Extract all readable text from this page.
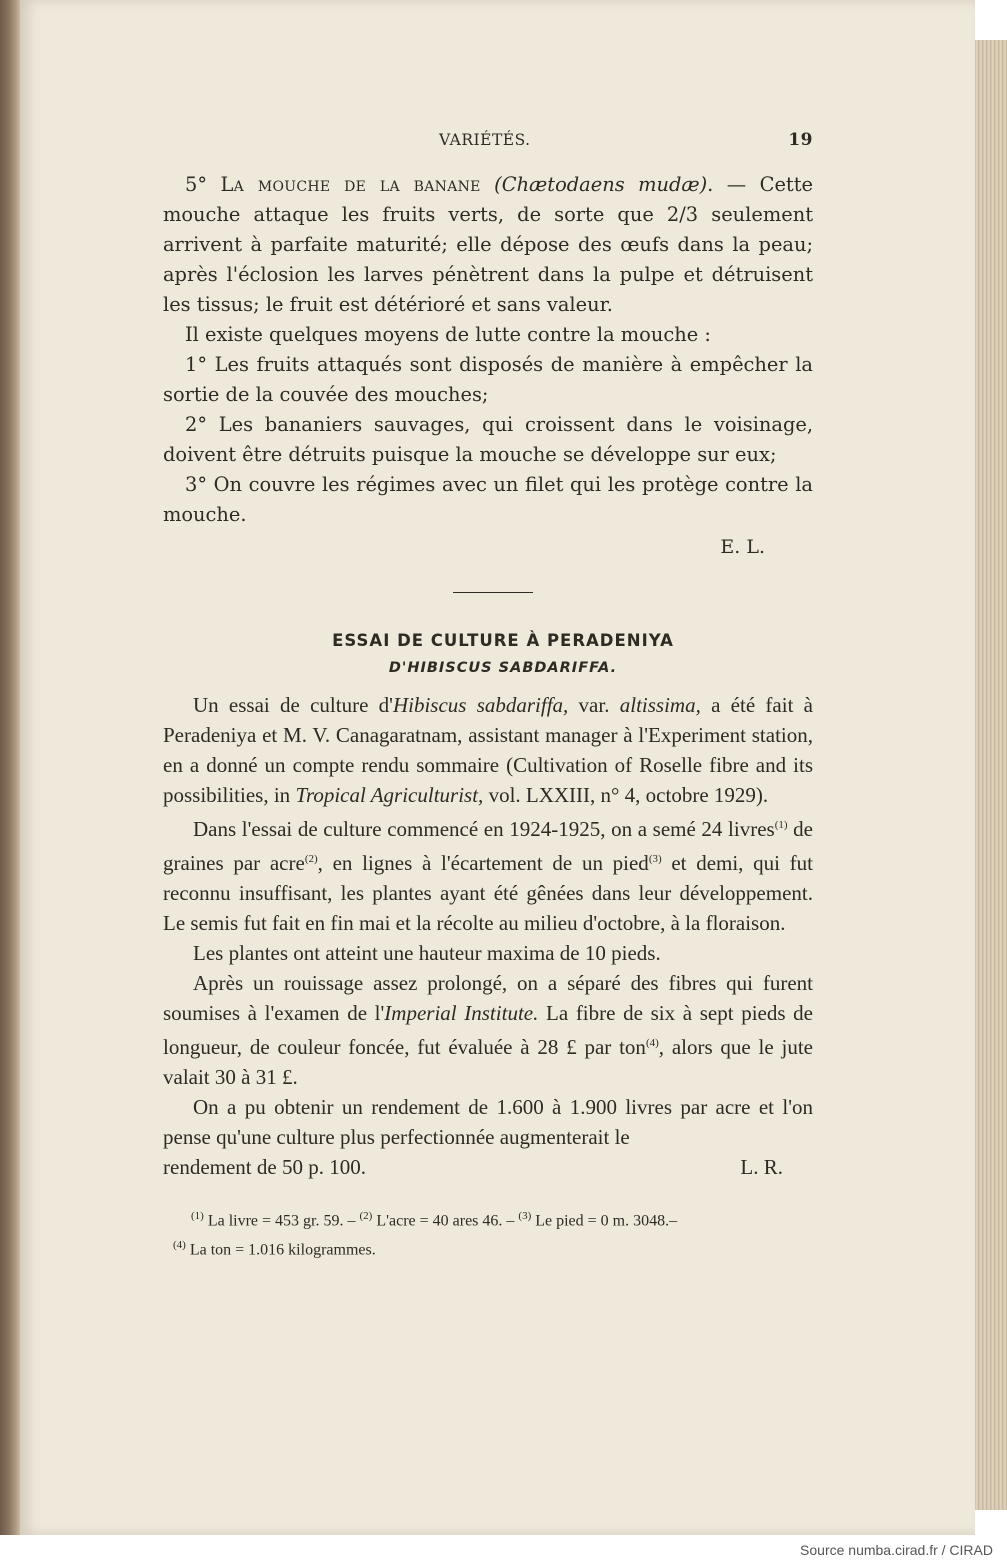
VARIÉTÉS.	19

5° La mouche de la banane (Chætodaens mudæ). — Cette mouche attaque les fruits verts, de sorte que 2/3 seulement arrivent à parfaite maturité; elle dépose des œufs dans la peau; après l'éclosion les larves pénètrent dans la pulpe et détruisent les tissus; le fruit est détérioré et sans valeur.

Il existe quelques moyens de lutte contre la mouche :

1° Les fruits attaqués sont disposés de manière à empêcher la sortie de la couvée des mouches;

2° Les bananiers sauvages, qui croissent dans le voisinage, doivent être détruits puisque la mouche se développe sur eux;

3° On couvre les régimes avec un filet qui les protège contre la mouche.

E. L.
ESSAI DE CULTURE À PERADENIYA
D'HIBISCUS SABDARIFFA.

Un essai de culture d'Hibiscus sabdariffa, var. altissima, a été fait à Peradeniya et M. V. Canagaratnam, assistant manager à l'Experiment station, en a donné un compte rendu sommaire (Cultivation of Roselle fibre and its possibilities, in Tropical Agriculturist, vol. LXXIII, n° 4, octobre 1929).

Dans l'essai de culture commencé en 1924-1925, on a semé 24 livres$^{(1)}$ de graines par acre$^{(2)}$, en lignes à l'écartement de un pied$^{(3)}$ et demi, qui fut reconnu insuffisant, les plantes ayant été gênées dans leur développement. Le semis fut fait en fin mai et la récolte au milieu d'octobre, à la floraison.

Les plantes ont atteint une hauteur maxima de 10 pieds.

Après un rouissage assez prolongé, on a séparé des fibres qui furent soumises à l'examen de l'Imperial Institute. La fibre de six à sept pieds de longueur, de couleur foncée, fut évaluée à 28 £ par ton$^{(4)}$, alors que le jute valait 30 à 31 £.

On a pu obtenir un rendement de 1.600 à 1.900 livres par acre et l'on pense qu'une culture plus perfectionnée augmenterait le

rendement de 50 p. 100.	L. R.
$^{(1)}$ La livre = 453 gr. 59. – $^{(2)}$ L'acre = 40 ares 46. – $^{(3)}$ Le pied = 0 m. 3048.–
$^{(4)}$ La ton = 1.016 kilogrammes.
Source numba.cirad.fr / CIRAD
